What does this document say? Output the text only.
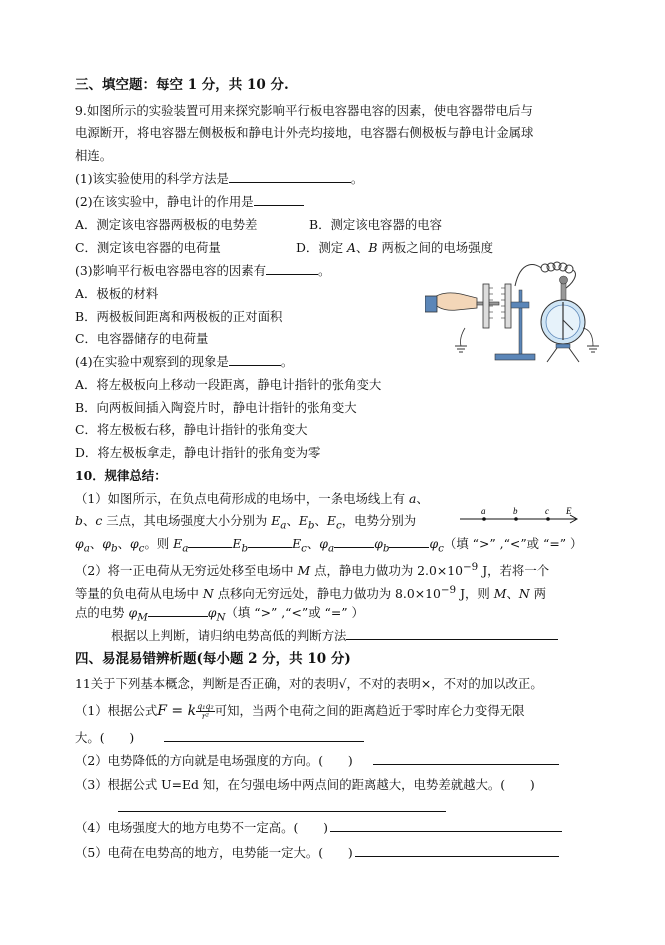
三、填空题：每空 1 分，共 10 分.
9.如图所示的实验装置可用来探究影响平行板电容器电容的因素，使电容器带电后与
电源断开，将电容器左侧极板和静电计外壳均接地，电容器右侧极板与静电计金属球
相连。
(1)该实验使用的科学方法是	。
(2)在该实验中，静电计的作用是
A．测定该电容器两极板的电势差	B．测定该电容器的电容
C．测定该电容器的电荷量	D．测定 A、B 两板之间的电场强度
(3)影响平行板电容器电容的因素有	。
A．极板的材料
B．两极板间距离和两极板的正对面积
C．电容器储存的电荷量
(4)在实验中观察到的现象是	。
A．将左极板向上移动一段距离，静电计指针的张角变大
B．向两板间插入陶瓷片时，静电计指针的张角变大
C．将左极板右移，静电计指针的张角变大
D．将左极板拿走，静电计指针的张角变为零
10．规律总结：
（1）如图所示，在负点电荷形成的电场中，一条电场线上有 a、
b、c 三点，其电场强度大小分别为 $E_a$、$E_b$、$E_c$，电势分别为
a	b	c E
$\varphi_a$、$\varphi_b$、$\varphi_c$。则 $E_a$	$E_b$	$E_c$、$\varphi_a$	$\varphi_b$	$\varphi_c$（填 “>” ,“<”或 “=” ）
（2）将一正电荷从无穷远处移至电场中 M 点，静电力做功为 $2.0\times 10^{-9}$ J，若将一个
等量的负电荷从电场中 N 点移向无穷远处，静电力做功为 $8.0\times 10^{-9}$ J，则 M、N 两
点的电势 $\varphi_M$	$\varphi_N$（填 “>” ,“<”或 “=” ）
根据以上判断，请归纳电势高低的判断方法
四、易混易错辨析题(每小题 2 分，共 10 分)
11关于下列基本概念，判断是否正确，对的表明√，不对的表明×，不对的加以改正。
（1）根据公式F = k $\frac{\text{q₁q₂}}{\text{r²}}$ 可知，当两个电荷之间的距离趋近于零时库仑力变得无限
大。(　　)
（2）电势降低的方向就是电场强度的方向。(　　)
（3）根据公式 U=Ed 知，在匀强电场中两点间的距离越大，电势差就越大。(　　)
（4）电场强度大的地方电势不一定高。(　　)
（5）电荷在电势高的地方，电势能一定大。(　　)
